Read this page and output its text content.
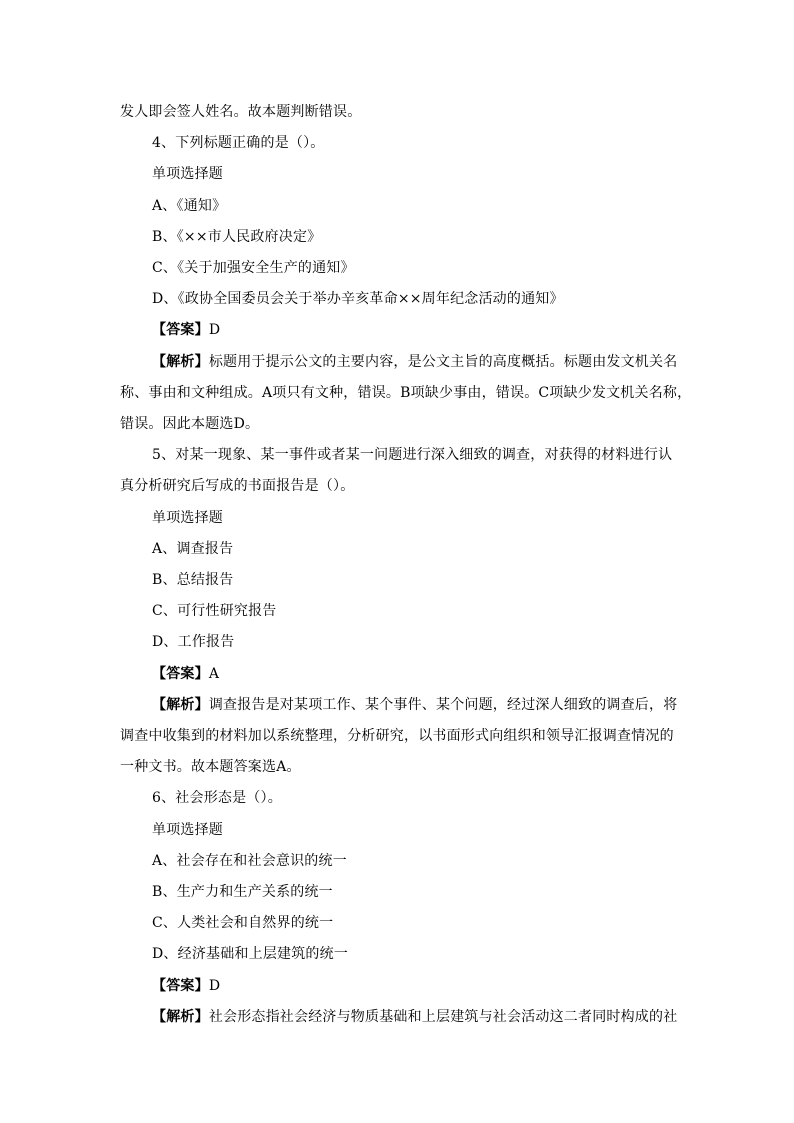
发人即会签人姓名。故本题判断错误。
4、下列标题正确的是（）。
单项选择题
A、《通知》
B、《××市人民政府决定》
C、《关于加强安全生产的通知》
D、《政协全国委员会关于举办辛亥革命××周年纪念活动的通知》
【答案】D
【解析】标题用于提示公文的主要内容，是公文主旨的高度概括。标题由发文机关名
称、事由和文种组成。A项只有文种，错误。B项缺少事由，错误。C项缺少发文机关名称，
错误。因此本题选D。
5、对某一现象、某一事件或者某一问题进行深入细致的调查，对获得的材料进行认
真分析研究后写成的书面报告是（）。
单项选择题
A、调查报告
B、总结报告
C、可行性研究报告
D、工作报告
【答案】A
【解析】调查报告是对某项工作、某个事件、某个问题，经过深人细致的调查后，将
调查中收集到的材料加以系统整理，分析研究，以书面形式向组织和领导汇报调查情况的
一种文书。故本题答案选A。
6、社会形态是（）。
单项选择题
A、社会存在和社会意识的统一
B、生产力和生产关系的统一
C、人类社会和自然界的统一
D、经济基础和上层建筑的统一
【答案】D
【解析】社会形态指社会经济与物质基础和上层建筑与社会活动这二者同时构成的社
